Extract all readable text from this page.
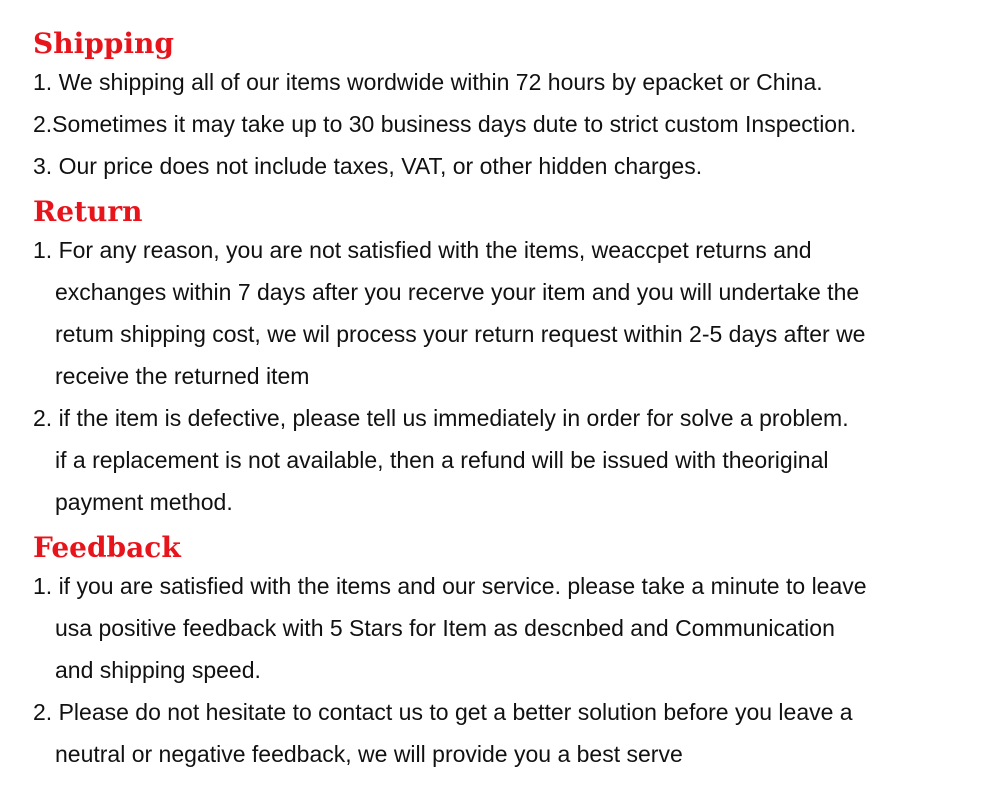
Shipping

1. We shipping all of our items wordwide within 72 hours by epacket or China.

2.Sometimes it may take up to 30 business days dute to strict custom Inspection.

3. Our price does not include taxes, VAT, or other hidden charges.

Return

1. For any reason, you are not satisfied with the items, weaccpet returns and

exchanges within 7 days after you recerve your item and you will undertake the

retum shipping cost, we wil process your return request within 2-5 days after we

receive the returned item

2. if the item is defective, please tell us immediately in order for solve a problem.

if a replacement is not available, then a refund will be issued with theoriginal

payment method.

Feedback

1. if you are satisfied with the items and our service. please take a minute to leave

usa positive feedback with 5 Stars for Item as descnbed and Communication

and shipping speed.

2. Please do not hesitate to contact us to get a better solution before you leave a

neutral or negative feedback, we will provide you a best serve
